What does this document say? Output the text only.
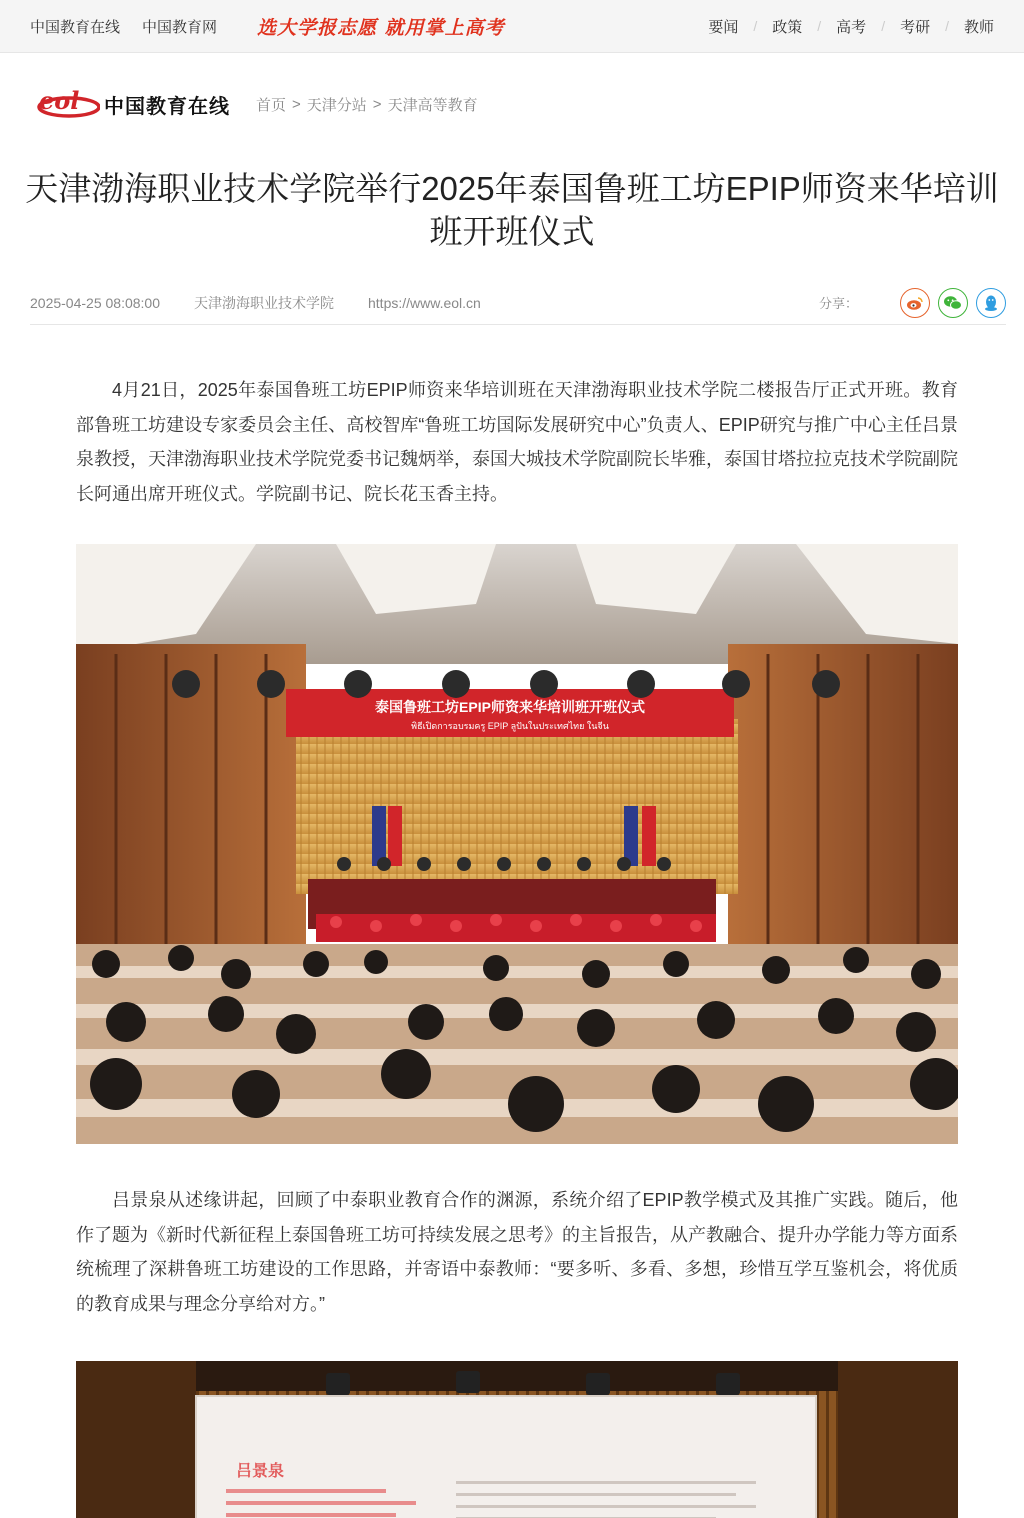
中国教育在线 中国教育网 选大学报志愿 就用掌上高考	要闻 / 政策 / 高考 / 考研 / 教师
eol 中国教育在线 首页 > 天津分站 > 天津高等教育
天津渤海职业技术学院举行2025年泰国鲁班工坊EPIP师资来华培训班开班仪式
2025-04-25 08:08:00 天津渤海职业技术学院 https://www.eol.cn	分享：

4月21日，2025年泰国鲁班工坊EPIP师资来华培训班在天津渤海职业技术学院二楼报告厅正式开班。教育部鲁班工坊建设专家委员会主任、高校智库“鲁班工坊国际发展研究中心”负责人、EPIP研究与推广中心主任吕景泉教授，天津渤海职业技术学院党委书记魏炳举，泰国大城技术学院副院长毕雅，泰国甘塔拉拉克技术学院副院长阿通出席开班仪式。学院副书记、院长花玉香主持。

泰国鲁班工坊EPIP师资来华培训班开班仪式
พิธีเปิดการอบรมครู EPIP ลูปันในประเทศไทย ในจีน

吕景泉从述缘讲起，回顾了中泰职业教育合作的渊源，系统介绍了EPIP教学模式及其推广实践。随后，他作了题为《新时代新征程上泰国鲁班工坊可持续发展之思考》的主旨报告，从产教融合、提升办学能力等方面系统梳理了深耕鲁班工坊建设的工作思路，并寄语中泰教师：“要多听、多看、多想，珍惜互学互鉴机会，将优质的教育成果与理念分享给对方。”

吕景泉
